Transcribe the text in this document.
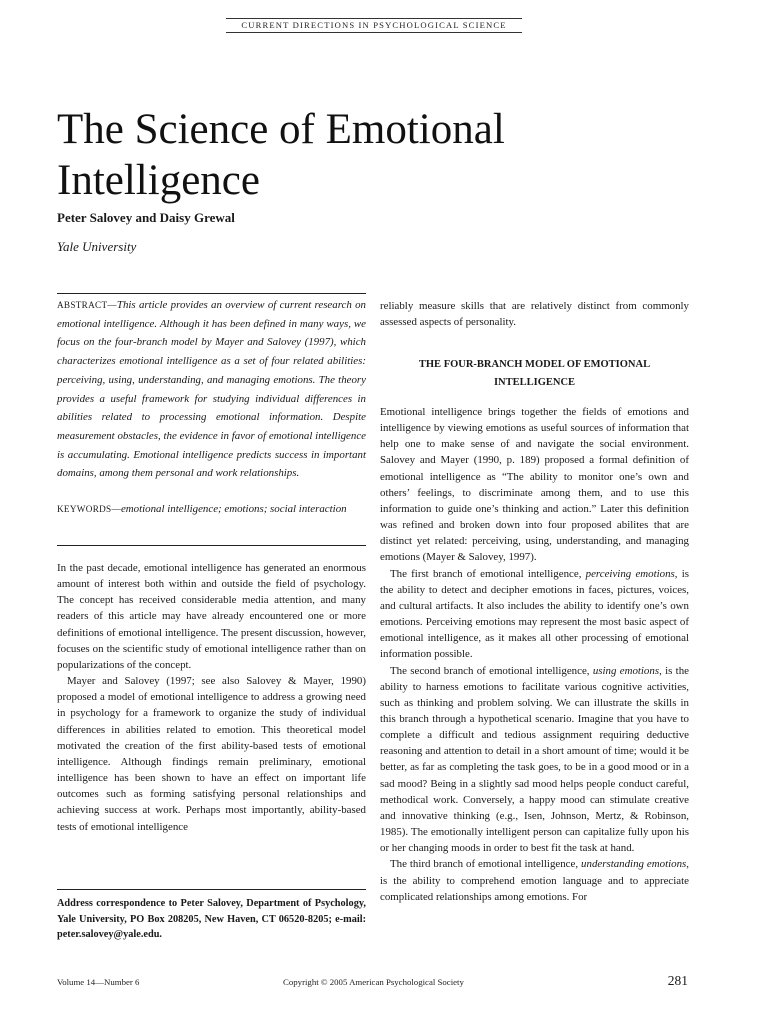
CURRENT DIRECTIONS IN PSYCHOLOGICAL SCIENCE
The Science of Emotional Intelligence
Peter Salovey and Daisy Grewal
Yale University
ABSTRACT—This article provides an overview of current research on emotional intelligence. Although it has been defined in many ways, we focus on the four-branch model by Mayer and Salovey (1997), which characterizes emotional intelligence as a set of four related abilities: perceiving, using, understanding, and managing emotions. The theory provides a useful framework for studying individual differences in abilities related to processing emotional information. Despite measurement obstacles, the evidence in favor of emotional intelligence is accumulating. Emotional intelligence predicts success in important domains, among them personal and work relationships.
KEYWORDS—emotional intelligence; emotions; social interaction

In the past decade, emotional intelligence has generated an enormous amount of interest both within and outside the field of psychology. The concept has received considerable media attention, and many readers of this article may have already encountered one or more definitions of emotional intelligence. The present discussion, however, focuses on the scientific study of emotional intelligence rather than on popularizations of the concept.

Mayer and Salovey (1997; see also Salovey & Mayer, 1990) proposed a model of emotional intelligence to address a growing need in psychology for a framework to organize the study of individual differences in abilities related to emotion. This theoretical model motivated the creation of the first ability-based tests of emotional intelligence. Although findings remain preliminary, emotional intelligence has been shown to have an effect on important life outcomes such as forming satisfying personal relationships and achieving success at work. Perhaps most importantly, ability-based tests of emotional intelligence

Address correspondence to Peter Salovey, Department of Psychology, Yale University, PO Box 208205, New Haven, CT 06520-8205; e-mail: peter.salovey@yale.edu.

reliably measure skills that are relatively distinct from commonly assessed aspects of personality.

THE FOUR-BRANCH MODEL OF EMOTIONAL INTELLIGENCE

Emotional intelligence brings together the fields of emotions and intelligence by viewing emotions as useful sources of information that help one to make sense of and navigate the social environment. Salovey and Mayer (1990, p. 189) proposed a formal definition of emotional intelligence as “The ability to monitor one’s own and others’ feelings, to discriminate among them, and to use this information to guide one’s thinking and action.” Later this definition was refined and broken down into four proposed abilites that are distinct yet related: perceiving, using, understanding, and managing emotions (Mayer & Salovey, 1997).

The first branch of emotional intelligence, perceiving emotions, is the ability to detect and decipher emotions in faces, pictures, voices, and cultural artifacts. It also includes the ability to identify one’s own emotions. Perceiving emotions may represent the most basic aspect of emotional intelligence, as it makes all other processing of emotional information possible.

The second branch of emotional intelligence, using emotions, is the ability to harness emotions to facilitate various cognitive activities, such as thinking and problem solving. We can illustrate the skills in this branch through a hypothetical scenario. Imagine that you have to complete a difficult and tedious assignment requiring deductive reasoning and attention to detail in a short amount of time; would it be better, as far as completing the task goes, to be in a good mood or in a sad mood? Being in a slightly sad mood helps people conduct careful, methodical work. Conversely, a happy mood can stimulate creative and innovative thinking (e.g., Isen, Johnson, Mertz, & Robinson, 1985). The emotionally intelligent person can capitalize fully upon his or her changing moods in order to best fit the task at hand.

The third branch of emotional intelligence, understanding emotions, is the ability to comprehend emotion language and to appreciate complicated relationships among emotions. For

Volume 14—Number 6	Copyright © 2005 American Psychological Society	281
